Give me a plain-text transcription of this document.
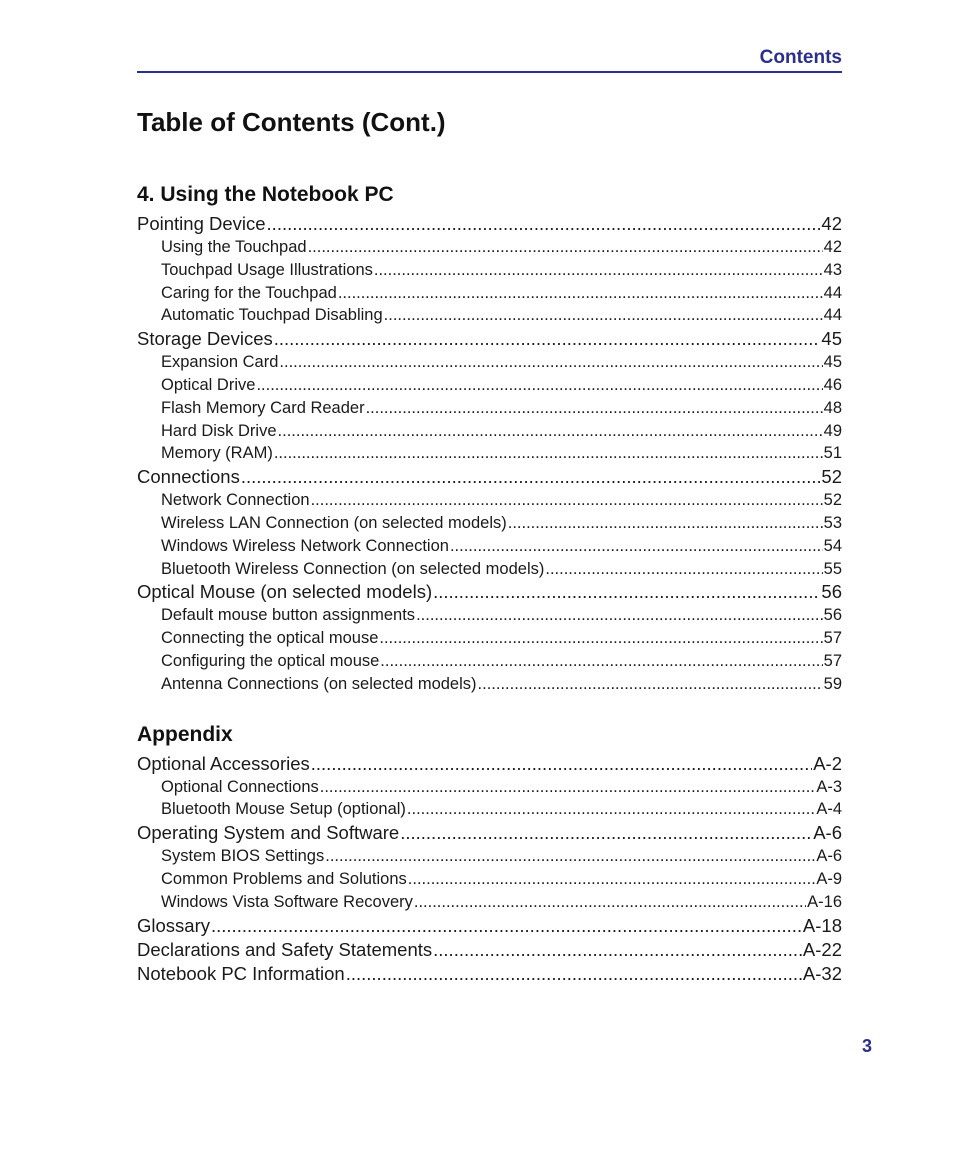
Contents
Table of Contents (Cont.)
4. Using the Notebook PC
Pointing Device .....	42
Using the Touchpad .....	42
Touchpad Usage Illustrations .....	43
Caring for the Touchpad .....	44
Automatic Touchpad Disabling .....	44
Storage Devices .....	45
Expansion Card .....	45
Optical Drive .....	46
Flash Memory Card Reader .....	48
Hard Disk Drive .....	49
Memory (RAM) .....	51
Connections .....	52
Network Connection .....	52
Wireless LAN Connection (on selected models) .....	53
Windows Wireless Network Connection .....	54
Bluetooth Wireless Connection (on selected models) .....	55
Optical Mouse (on selected models) .....	56
Default mouse button assignments .....	56
Connecting the optical mouse .....	57
Configuring the optical mouse .....	57
Antenna Connections (on selected models) .....	59
Appendix
Optional Accessories .....	A-2
Optional Connections .....	A-3
Bluetooth Mouse Setup (optional) .....	A-4
Operating System and Software .....	A-6
System BIOS Settings .....	A-6
Common Problems and Solutions .....	A-9
Windows Vista Software Recovery .....	A-16
Glossary .....	A-18
Declarations and Safety Statements .....	A-22
Notebook PC Information .....	A-32
3
